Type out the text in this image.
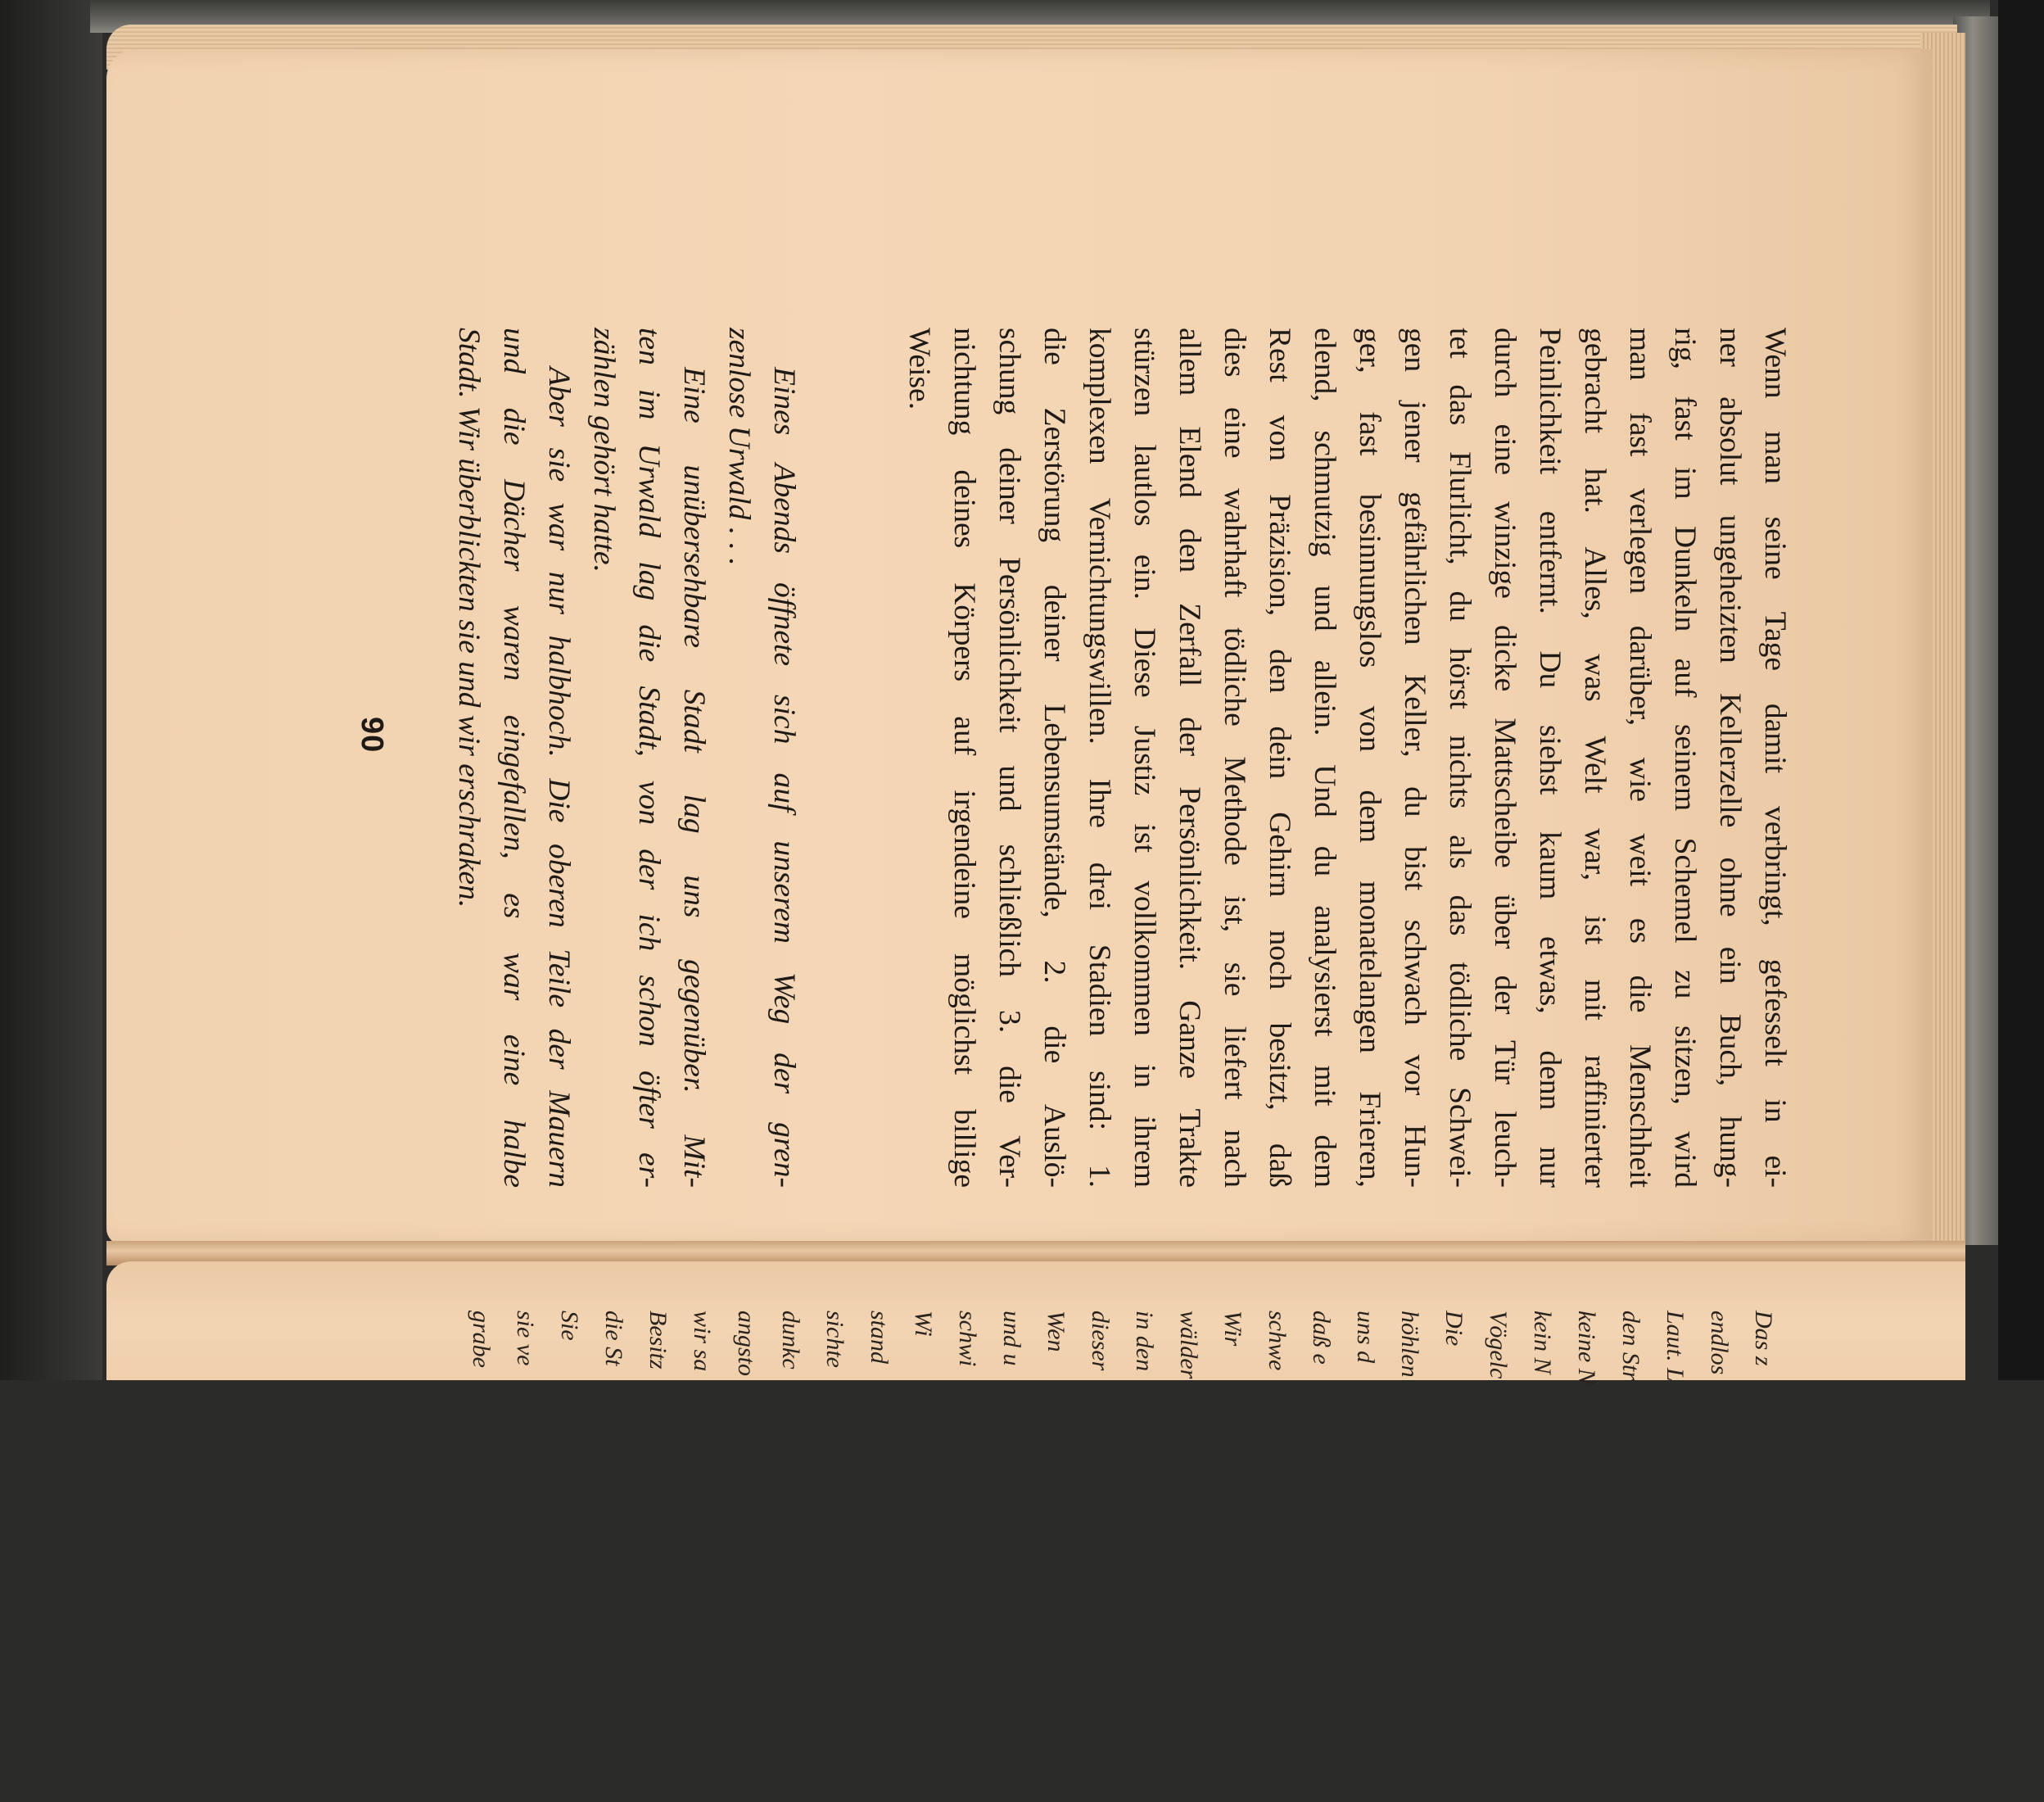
Wenn man seine Tage damit verbringt, gefesselt in ei-
ner absolut ungeheizten Kellerzelle ohne ein Buch, hung-
rig, fast im Dunkeln auf seinem Schemel zu sitzen, wird
man fast verlegen darüber, wie weit es die Menschheit
gebracht hat. Alles, was Welt war, ist mit raffinierter
Peinlichkeit entfernt. Du siehst kaum etwas, denn nur
durch eine winzige dicke Mattscheibe über der Tür leuch-
tet das Flurlicht, du hörst nichts als das tödliche Schwei-
gen jener gefährlichen Keller, du bist schwach vor Hun-
ger, fast besinnungslos von dem monatelangen Frieren,
elend, schmutzig und allein. Und du analysierst mit dem
Rest von Präzision, den dein Gehirn noch besitzt, daß
dies eine wahrhaft tödliche Methode ist, sie liefert nach
allem Elend den Zerfall der Persönlichkeit. Ganze Trakte
stürzen lautlos ein. Diese Justiz ist vollkommen in ihrem
komplexen Vernichtungswillen. Ihre drei Stadien sind: 1.
die Zerstörung deiner Lebensumstände, 2. die Auslö-
schung deiner Persönlichkeit und schließlich 3. die Ver-
nichtung deines Körpers auf irgendeine möglichst billige
Weise.
Eines Abends öffnete sich auf unserem Weg der gren-
zenlose Urwald . . .
Eine unübersehbare Stadt lag uns gegenüber. Mit-
ten im Urwald lag die Stadt, von der ich schon öfter er-
zählen gehört hatte.
Aber sie war nur halbhoch. Die oberen Teile der Mauern
und die Dächer waren eingefallen, es war eine halbe
Stadt. Wir überblickten sie und wir erschraken.
90
Das z
endlos
Laut. L
den Str
keine N
kein N
Vögelc
Die
höhlen
uns d
daß e
schwe
Wir
wälder
in den
dieser
Wen
und u
schwi
Wi
stand
sichte
dunkc
angsto
wir sa
Besitz
die St
Sie
sie ve
grabe
